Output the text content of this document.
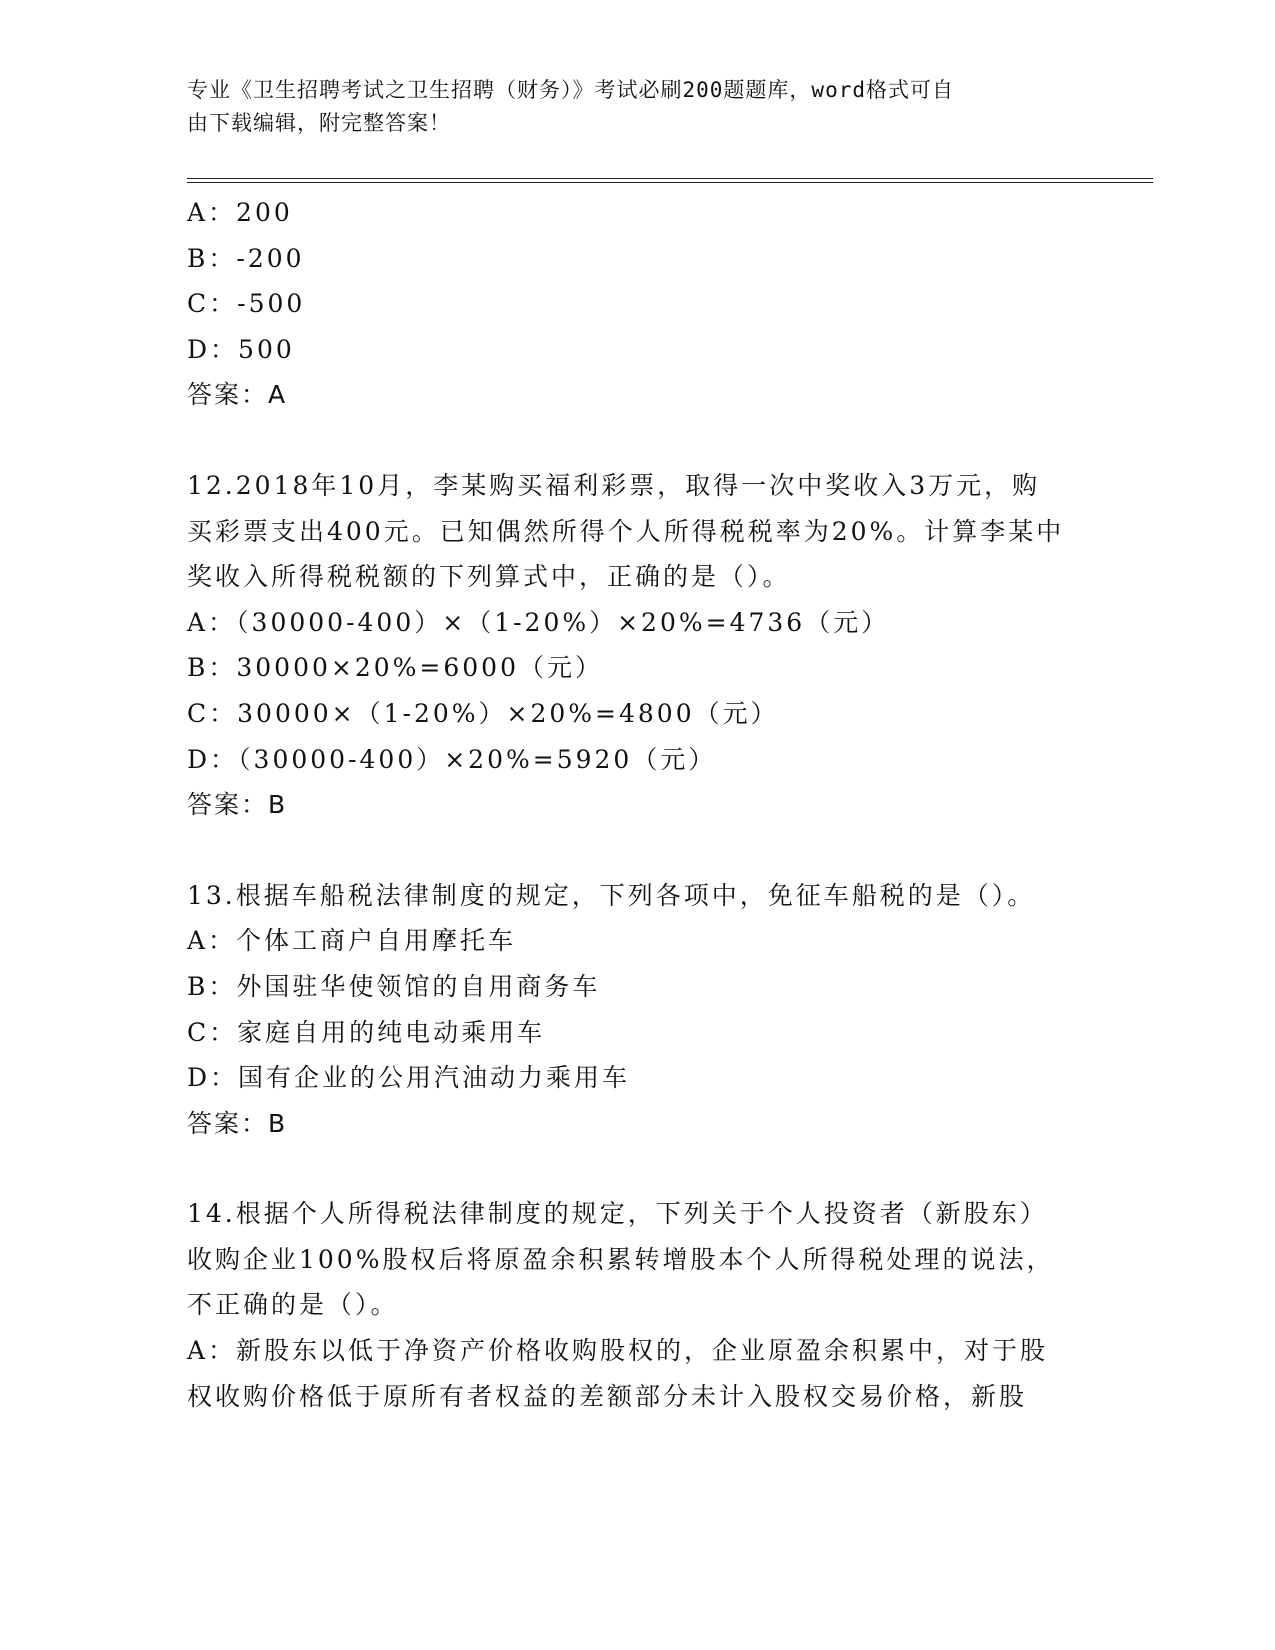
专业《卫生招聘考试之卫生招聘（财务）》考试必刷200题题库，word格式可自
由下载编辑，附完整答案！

A：200

B：-200

C：-500

D：500

答案：A

12.2018年10月，李某购买福利彩票，取得一次中奖收入3万元，购

买彩票支出400元。已知偶然所得个人所得税税率为20%。计算李某中

奖收入所得税税额的下列算式中，正确的是（）。

A：（30000-400）×（1-20%）×20%=4736（元）

B：30000×20%=6000（元）

C：30000×（1-20%）×20%=4800（元）

D：（30000-400）×20%=5920（元）

答案：B

13.根据车船税法律制度的规定，下列各项中，免征车船税的是（）。

A：个体工商户自用摩托车

B：外国驻华使领馆的自用商务车

C：家庭自用的纯电动乘用车

D：国有企业的公用汽油动力乘用车

答案：B

14.根据个人所得税法律制度的规定，下列关于个人投资者（新股东）

收购企业100%股权后将原盈余积累转增股本个人所得税处理的说法，

不正确的是（）。

A：新股东以低于净资产价格收购股权的，企业原盈余积累中，对于股

权收购价格低于原所有者权益的差额部分未计入股权交易价格，新股
